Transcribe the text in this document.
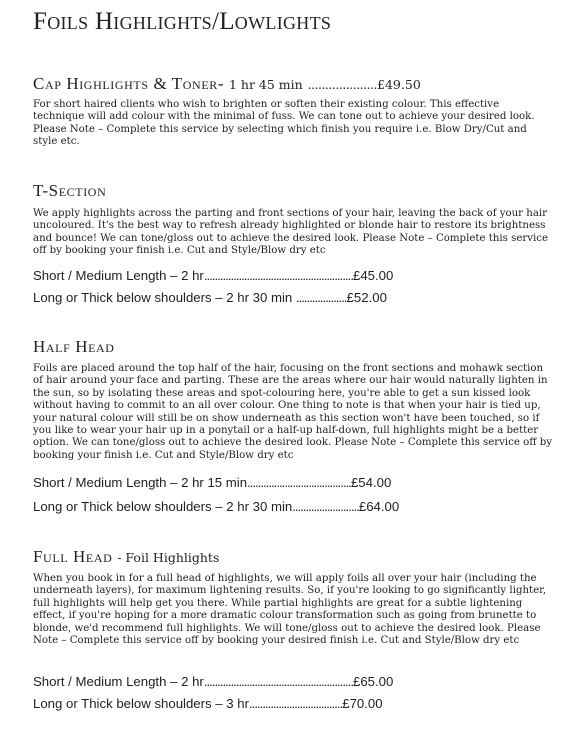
Foils Highlights/Lowlights
Cap Highlights & Toner- 1 hr 45 min ....................£49.50
For short haired clients who wish to brighten or soften their existing colour. This effective technique will add colour with the minimal of fuss. We can tone out to achieve your desired look. Please Note – Complete this service by selecting which finish you require i.e. Blow Dry/Cut and style etc.
T-Section
We apply highlights across the parting and front sections of your hair, leaving the back of your hair uncoloured. It's the best way to refresh already highlighted or blonde hair to restore its brightness and bounce! We can tone/gloss out to achieve the desired look. Please Note – Complete this service off by booking your finish i.e. Cut and Style/Blow dry etc
Short / Medium Length – 2 hr........................................................£45.00
Long or Thick below shoulders – 2 hr 30 min ...................£52.00
Half Head
Foils are placed around the top half of the hair, focusing on the front sections and mohawk section of hair around your face and parting. These are the areas where our hair would naturally lighten in the sun, so by isolating these areas and spot-colouring here, you're able to get a sun kissed look without having to commit to an all over colour. One thing to note is that when your hair is tied up, your natural colour will still be on show underneath as this section won't have been touched, so if you like to wear your hair up in a ponytail or a half-up half-down, full highlights might be a better option. We can tone/gloss out to achieve the desired look. Please Note – Complete this service off by booking your finish i.e. Cut and Style/Blow dry etc
Short / Medium Length – 2 hr 15 min.......................................£54.00
Long or Thick below shoulders – 2 hr 30 min.........................£64.00
Full Head - Foil Highlights
When you book in for a full head of highlights, we will apply foils all over your hair (including the underneath layers), for maximum lightening results. So, if you're looking to go significantly lighter, full highlights will help get you there. While partial highlights are great for a subtle lightening effect, if you're hoping for a more dramatic colour transformation such as going from brunette to blonde, we'd recommend full highlights. We will tone/gloss out to achieve the desired look. Please Note – Complete this service off by booking your desired finish i.e. Cut and Style/Blow dry etc
Short / Medium Length – 2 hr........................................................£65.00
Long or Thick below shoulders – 3 hr...................................£70.00
